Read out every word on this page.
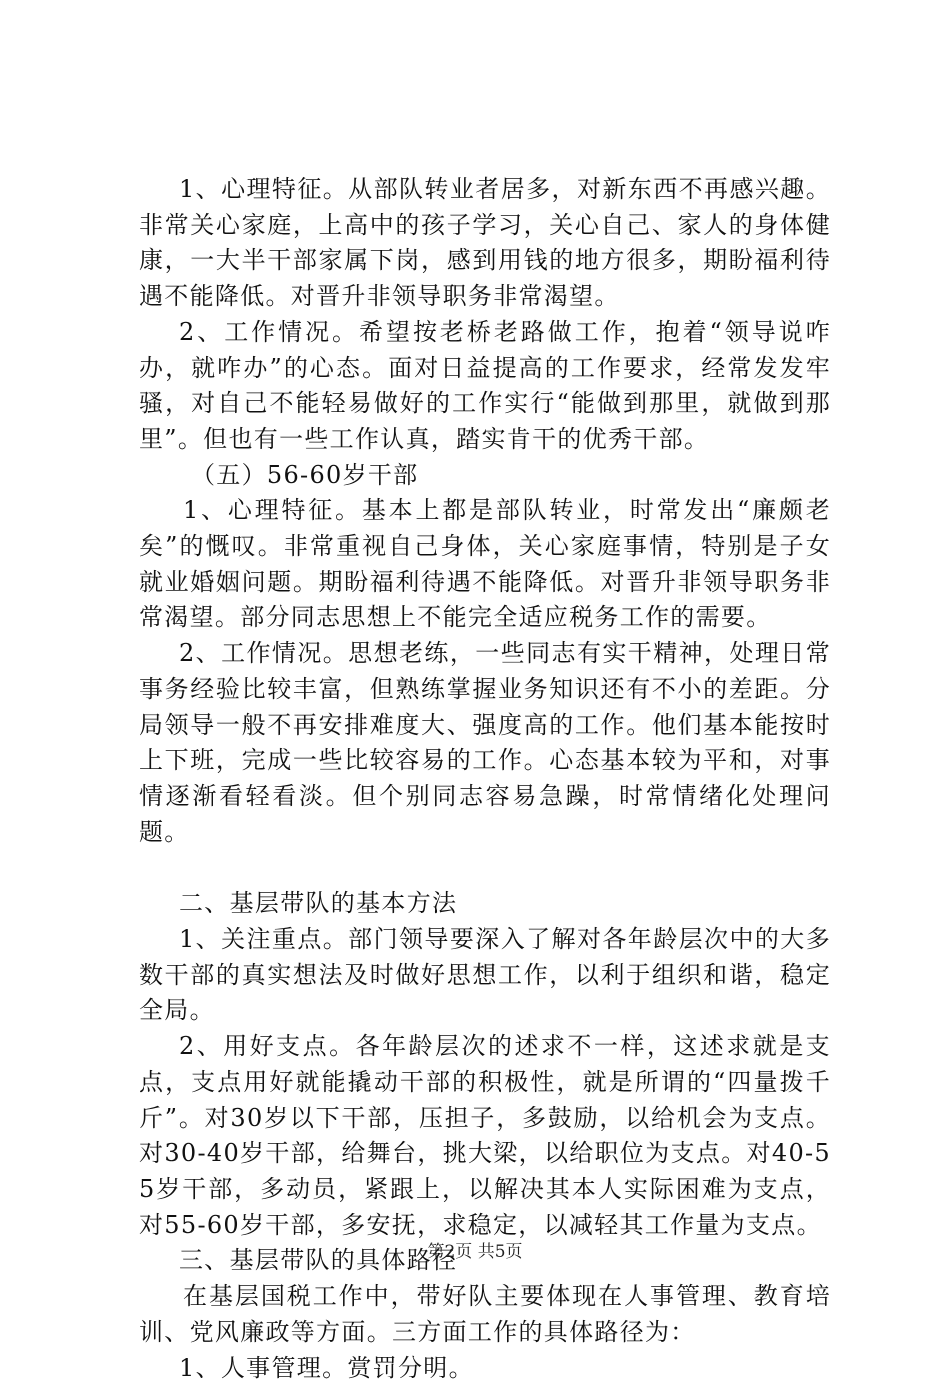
1、心理特征。从部队转业者居多，对新东西不再感兴趣。非常关心家庭，上高中的孩子学习，关心自己、家人的身体健康，一大半干部家属下岗，感到用钱的地方很多，期盼福利待遇不能降低。对晋升非领导职务非常渴望。

2、工作情况。希望按老桥老路做工作，抱着“领导说咋办，就咋办”的心态。面对日益提高的工作要求，经常发发牢骚，对自己不能轻易做好的工作实行“能做到那里，就做到那里”。但也有一些工作认真，踏实肯干的优秀干部。

（五）56-60岁干部

1、心理特征。基本上都是部队转业，时常发出“廉颇老矣”的慨叹。非常重视自己身体，关心家庭事情，特别是子女就业婚姻问题。期盼福利待遇不能降低。对晋升非领导职务非常渴望。部分同志思想上不能完全适应税务工作的需要。

2、工作情况。思想老练，一些同志有实干精神，处理日常事务经验比较丰富，但熟练掌握业务知识还有不小的差距。分局领导一般不再安排难度大、强度高的工作。他们基本能按时上下班，完成一些比较容易的工作。心态基本较为平和，对事情逐渐看轻看淡。但个别同志容易急躁，时常情绪化处理问题。

二、基层带队的基本方法

1、关注重点。部门领导要深入了解对各年龄层次中的大多数干部的真实想法及时做好思想工作，以利于组织和谐，稳定全局。

2、用好支点。各年龄层次的述求不一样，这述求就是支点，支点用好就能撬动干部的积极性，就是所谓的“四量拨千斤”。对30岁以下干部，压担子，多鼓励，以给机会为支点。对30-40岁干部，给舞台，挑大梁，以给职位为支点。对40-55岁干部，多动员，紧跟上，以解决其本人实际困难为支点，对55-60岁干部，多安抚，求稳定，以减轻其工作量为支点。

三、基层带队的具体路径

在基层国税工作中，带好队主要体现在人事管理、教育培训、党风廉政等方面。三方面工作的具体路径为：

1、人事管理。赏罚分明。

第2页 共5页
